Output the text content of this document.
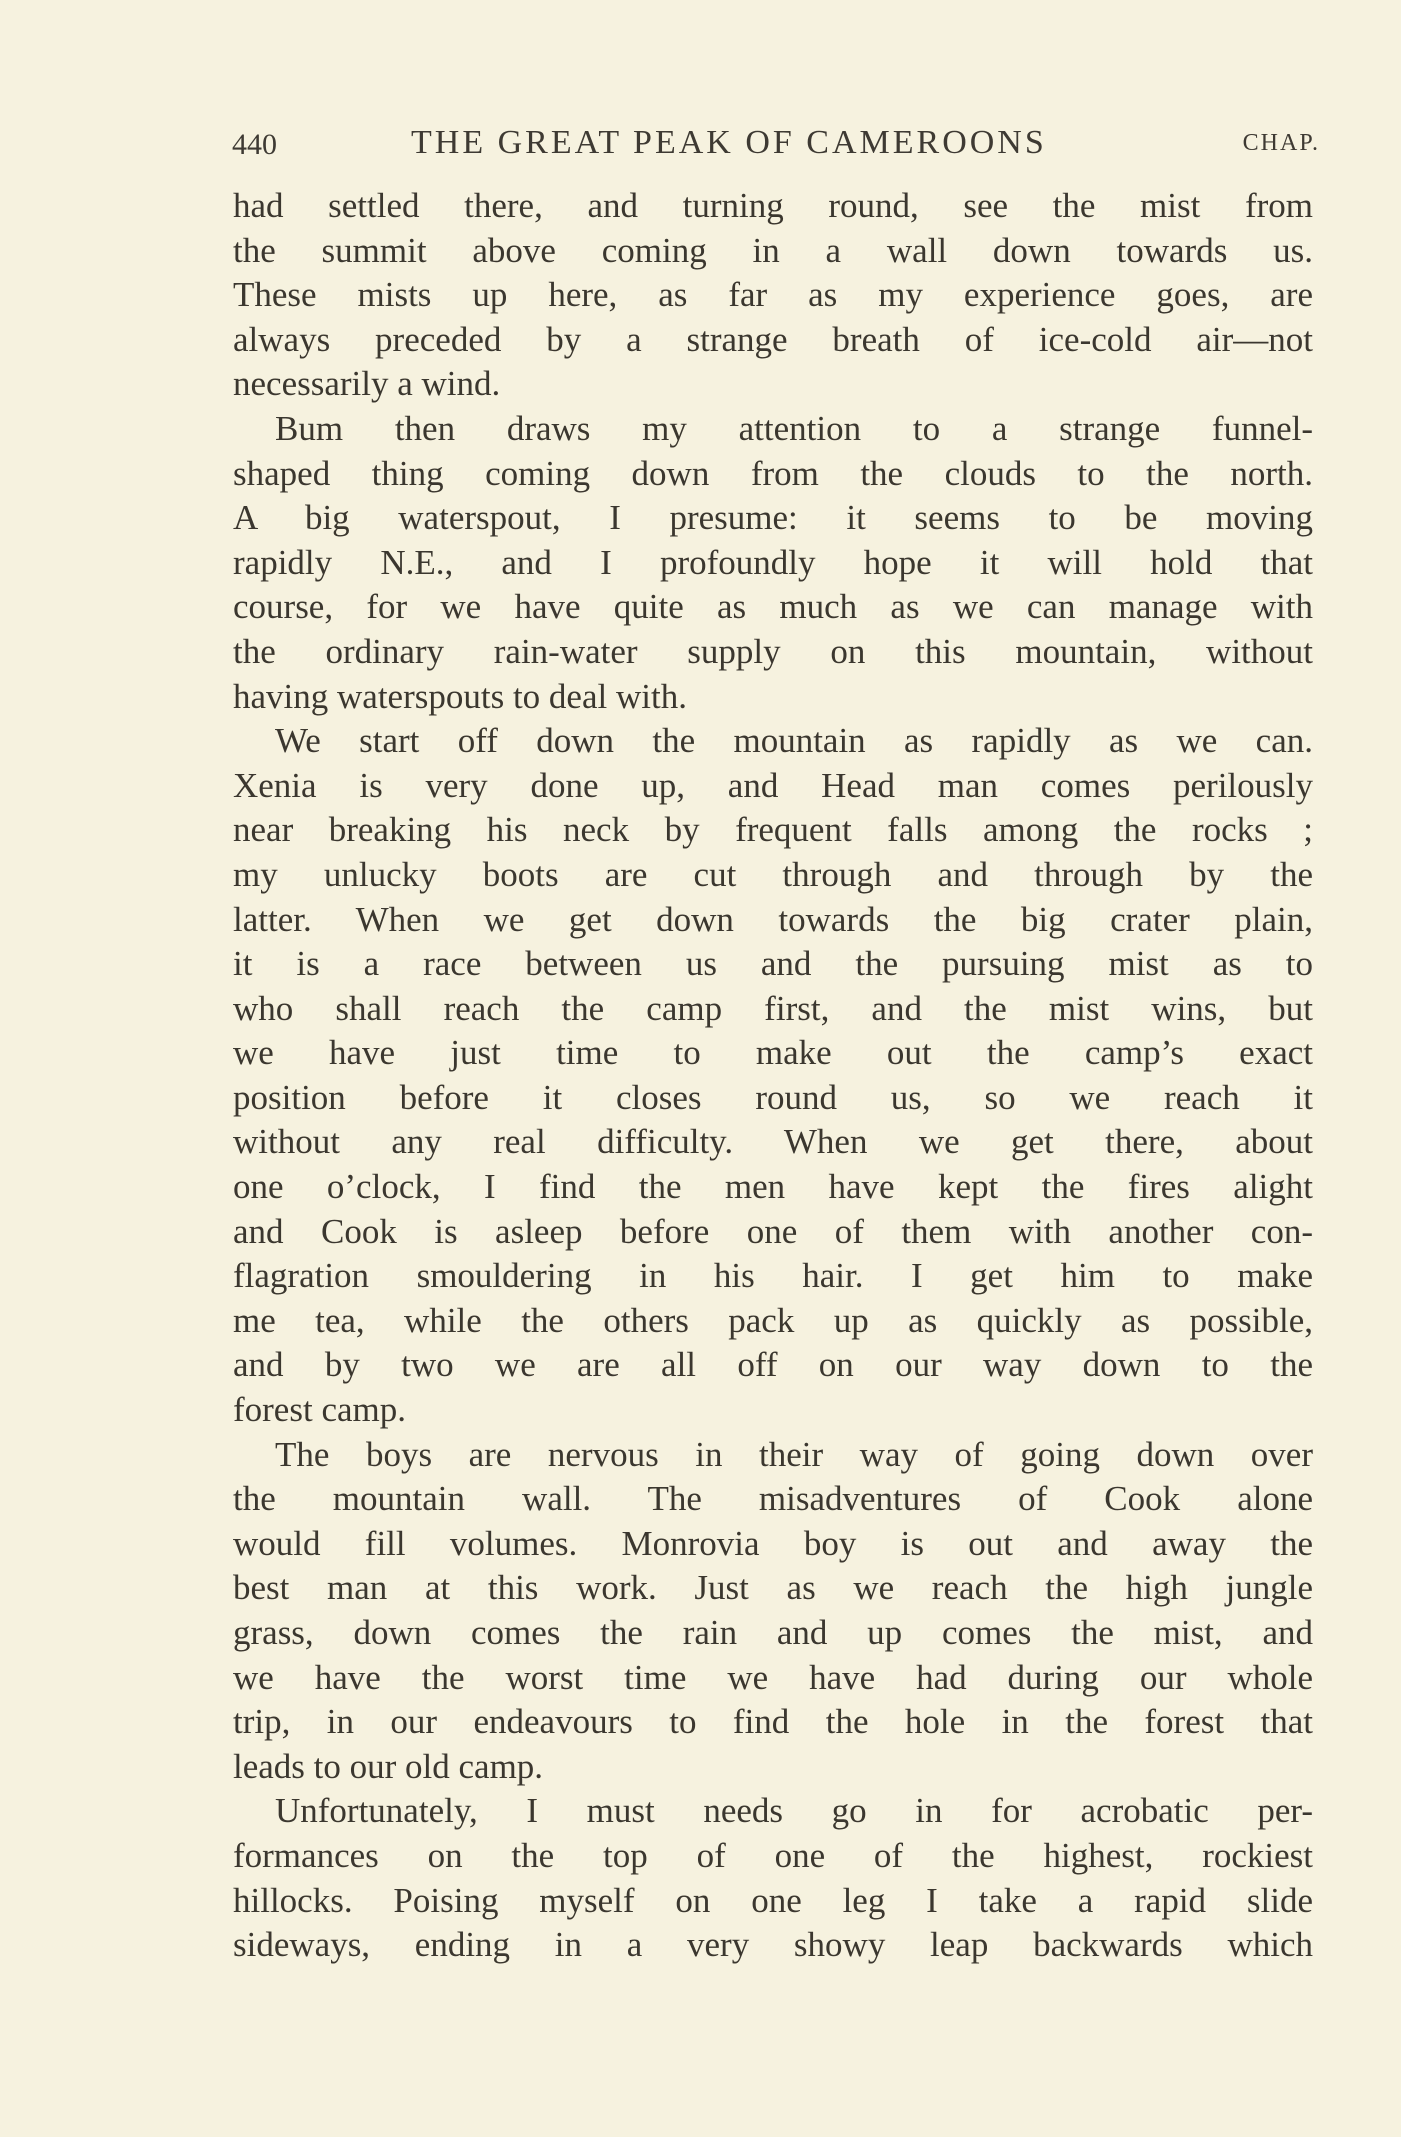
440	THE GREAT PEAK OF CAMEROONS	CHAP.
had settled there, and turning round, see the mist from
the summit above coming in a wall down towards us.
These mists up here, as far as my experience goes, are
always preceded by a strange breath of ice-cold air—not
necessarily a wind.
Bum then draws my attention to a strange funnel-
shaped thing coming down from the clouds to the north.
A big waterspout, I presume: it seems to be moving
rapidly N.E., and I profoundly hope it will hold that
course, for we have quite as much as we can manage with
the ordinary rain-water supply on this mountain, without
having waterspouts to deal with.
We start off down the mountain as rapidly as we can.
Xenia is very done up, and Head man comes perilously
near breaking his neck by frequent falls among the rocks ;
my unlucky boots are cut through and through by the
latter. When we get down towards the big crater plain,
it is a race between us and the pursuing mist as to
who shall reach the camp first, and the mist wins, but
we have just time to make out the camp’s exact
position before it closes round us, so we reach it
without any real difficulty. When we get there, about
one o’clock, I find the men have kept the fires alight
and Cook is asleep before one of them with another con-
flagration smouldering in his hair. I get him to make
me tea, while the others pack up as quickly as possible,
and by two we are all off on our way down to the
forest camp.
The boys are nervous in their way of going down over
the mountain wall. The misadventures of Cook alone
would fill volumes. Monrovia boy is out and away the
best man at this work. Just as we reach the high jungle
grass, down comes the rain and up comes the mist, and
we have the worst time we have had during our whole
trip, in our endeavours to find the hole in the forest that
leads to our old camp.
Unfortunately, I must needs go in for acrobatic per-
formances on the top of one of the highest, rockiest
hillocks. Poising myself on one leg I take a rapid slide
sideways, ending in a very showy leap backwards which
